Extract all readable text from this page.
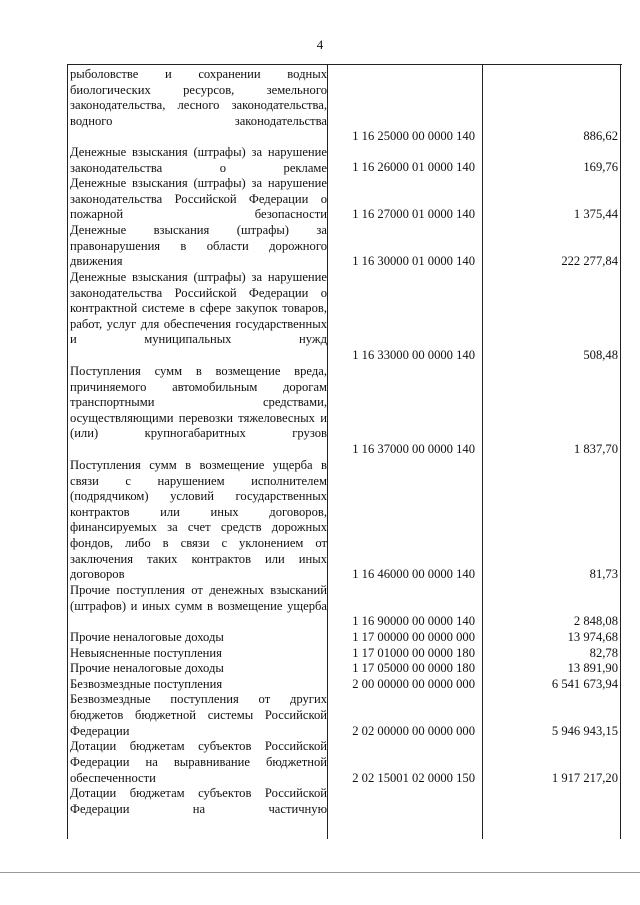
4
рыболовстве и сохранении водных биологических ресурсов, земельного законодательства, лесного законодательства, водного законодательства
1 16 25000 00 0000 140	886,62
Денежные взыскания (штрафы) за нарушение законодательства о рекламе 1 16 26000 01 0000 140	169,76
Денежные взыскания (штрафы) за нарушение законодательства Российской Федерации о пожарной безопасности 1 16 27000 01 0000 140	1 375,44
Денежные взыскания (штрафы) за правонарушения в области дорожного движения	1 16 30000 01 0000 140	222 277,84
Денежные взыскания (штрафы) за нарушение законодательства Российской Федерации о контрактной системе в сфере закупок товаров, работ, услуг для обеспечения государственных и муниципальных нужд
1 16 33000 00 0000 140	508,48
Поступления сумм в возмещение вреда, причиняемого автомобильным дорогам транспортными средствами, осуществляющими перевозки тяжеловесных и (или) крупногабаритных грузов
1 16 37000 00 0000 140	1 837,70
Поступления сумм в возмещение ущерба в связи с нарушением исполнителем (подрядчиком) условий государственных контрактов или иных договоров, финансируемых за счет средств дорожных фондов, либо в связи с уклонением от заключения таких контрактов или иных договоров	1 16 46000 00 0000 140	81,73
Прочие поступления от денежных взысканий (штрафов) и иных сумм в возмещение ущерба
1 16 90000 00 0000 140	2 848,08
Прочие неналоговые доходы	1 17 00000 00 0000 000	13 974,68
Невыясненные поступления	1 17 01000 00 0000 180	82,78
Прочие неналоговые доходы	1 17 05000 00 0000 180	13 891,90
Безвозмездные поступления	2 00 00000 00 0000 000	6 541 673,94
Безвозмездные поступления от других бюджетов бюджетной системы Российской Федерации	2 02 00000 00 0000 000	5 946 943,15
Дотации бюджетам субъектов Российской Федерации на выравнивание бюджетной обеспеченности	2 02 15001 02 0000 150	1 917 217,20
Дотации бюджетам субъектов Российской Федерации на частичную
